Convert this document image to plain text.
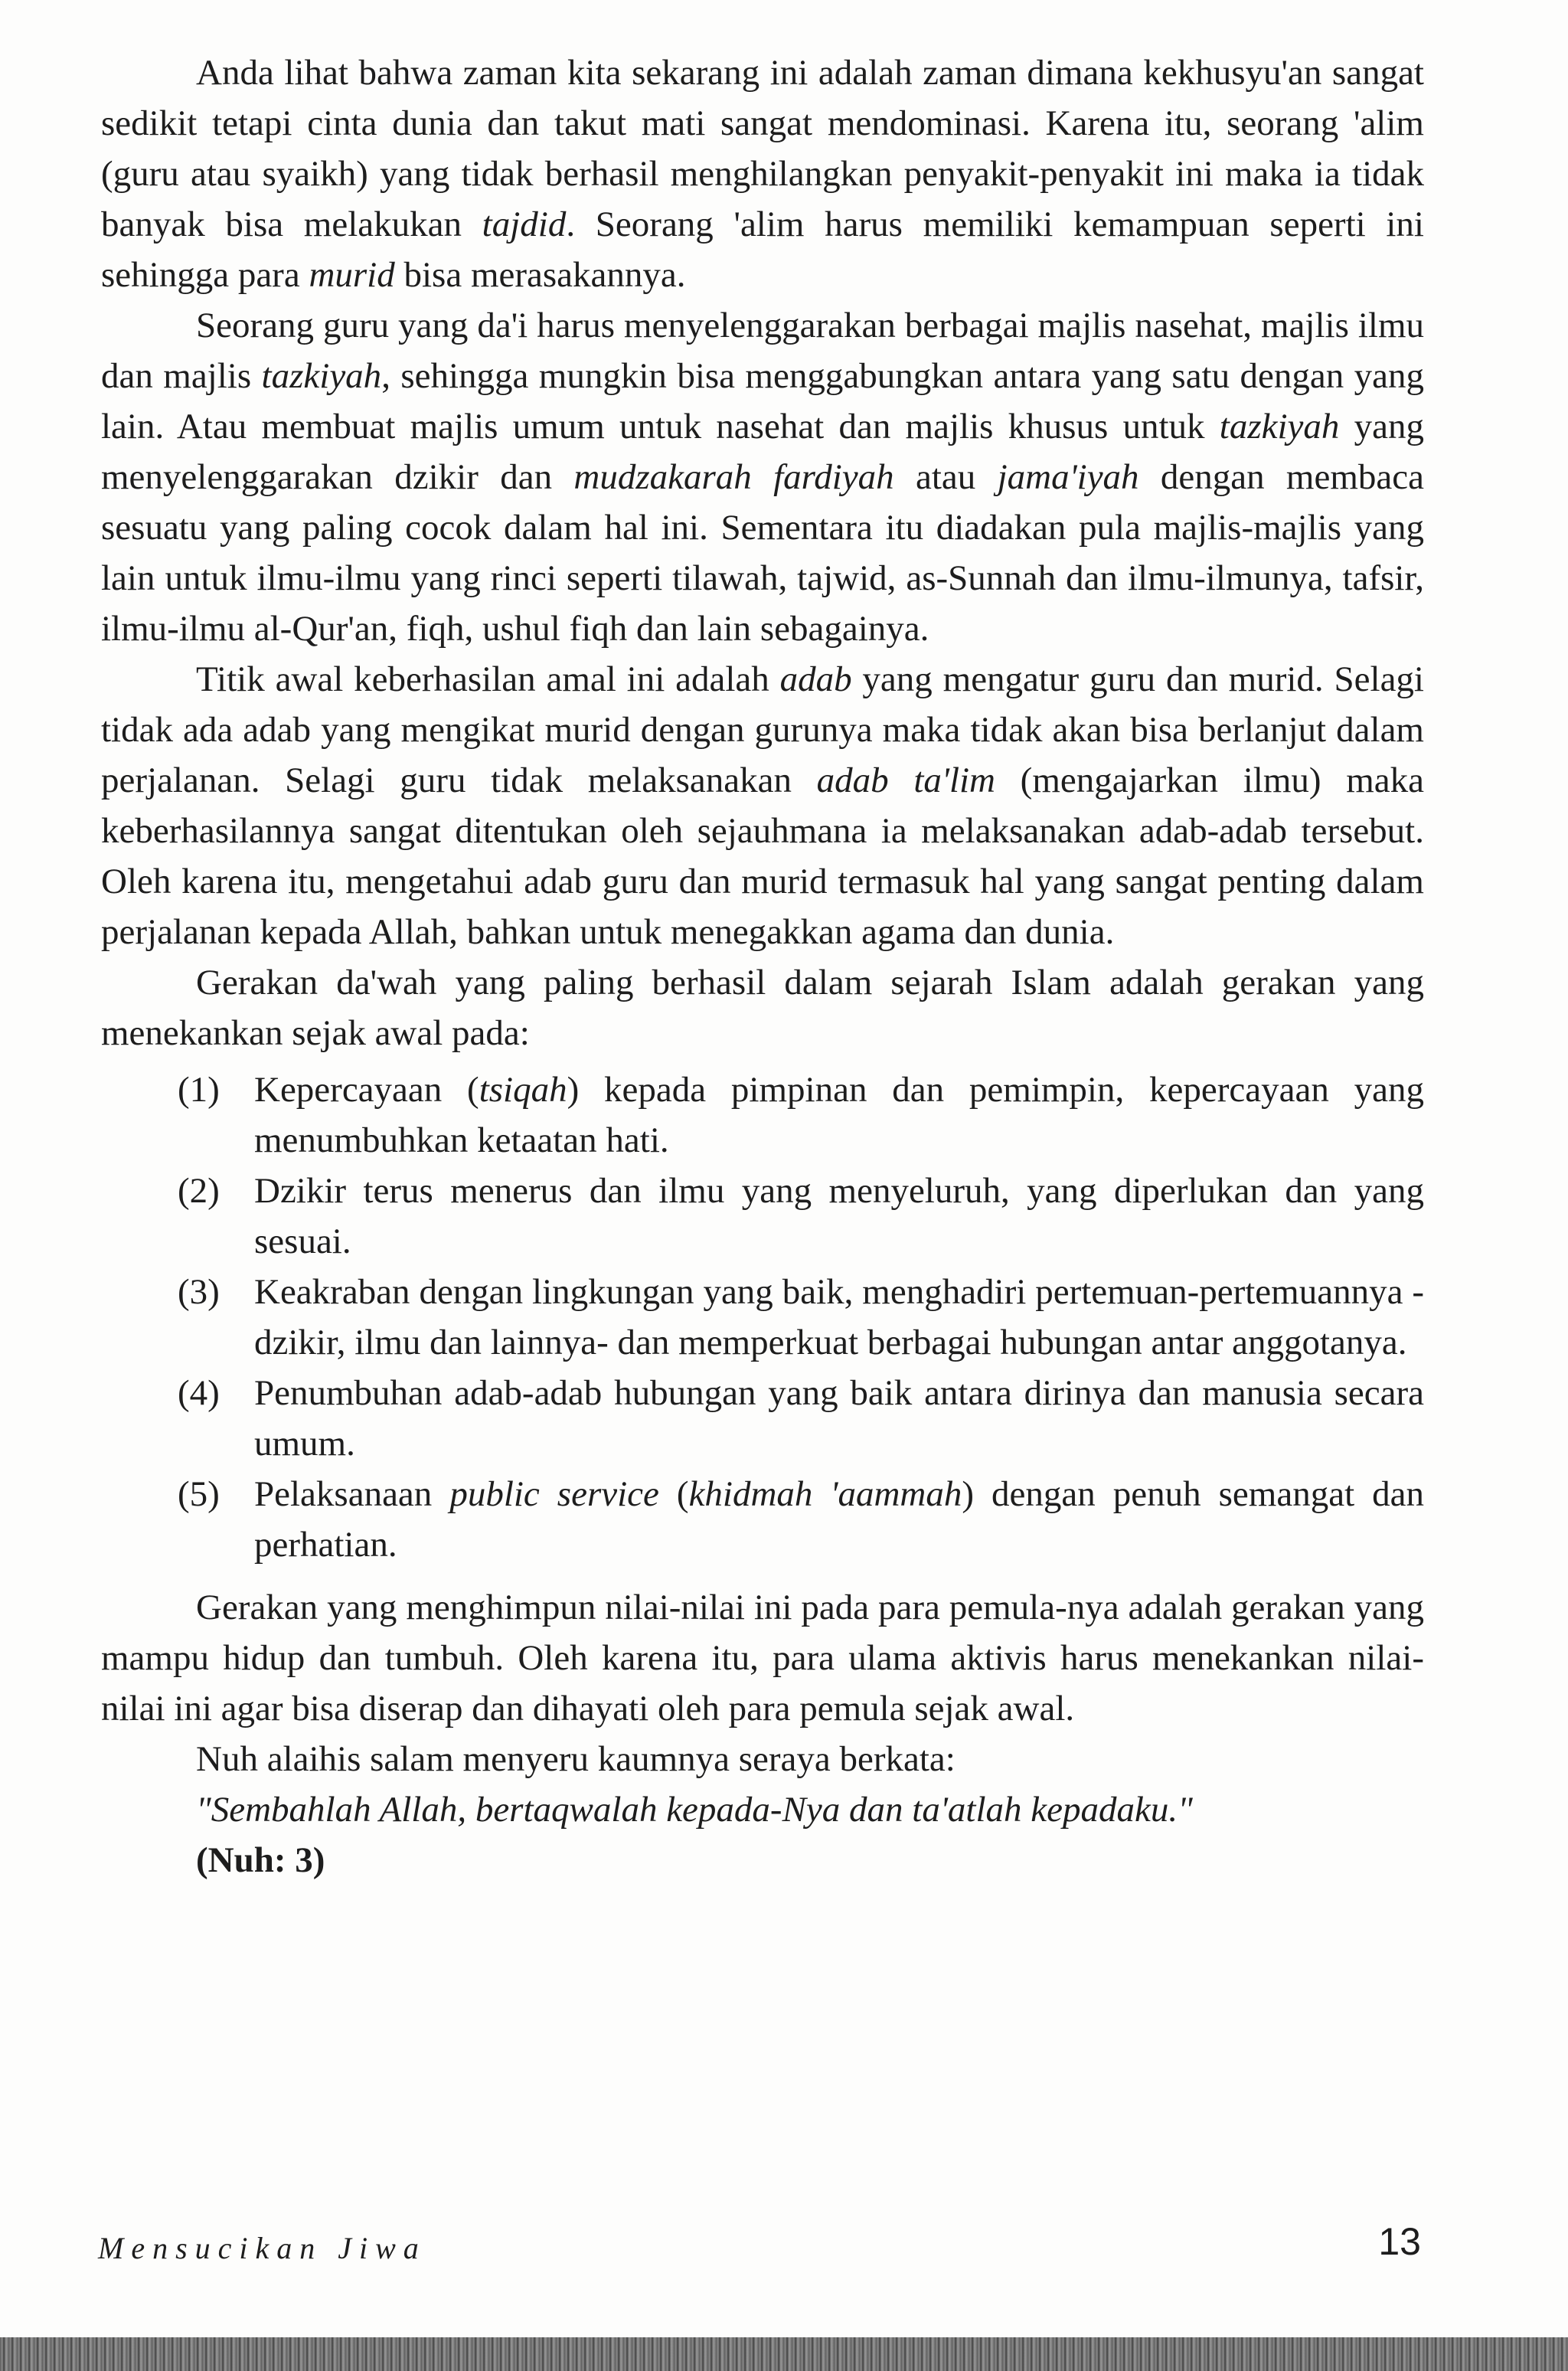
Anda lihat bahwa zaman kita sekarang ini adalah zaman dimana kekhusyu'an sangat sedikit tetapi cinta dunia dan takut mati sangat mendominasi. Karena itu, seorang 'alim (guru atau syaikh) yang tidak berhasil menghilangkan penyakit-penyakit ini maka ia tidak banyak bisa melakukan tajdid. Seorang 'alim harus memiliki kemampuan seperti ini sehingga para murid bisa merasakannya.

Seorang guru yang da'i harus menyelenggarakan berbagai majlis nasehat, majlis ilmu dan majlis tazkiyah, sehingga mungkin bisa menggabungkan antara yang satu dengan yang lain. Atau membuat majlis umum untuk nasehat dan majlis khusus untuk tazkiyah yang menyelenggarakan dzikir dan mudzakarah fardiyah atau jama'iyah dengan membaca sesuatu yang paling cocok dalam hal ini. Sementara itu diadakan pula majlis-majlis yang lain untuk ilmu-ilmu yang rinci seperti tilawah, tajwid, as-Sunnah dan ilmu-ilmunya, tafsir, ilmu-ilmu al-Qur'an, fiqh, ushul fiqh dan lain sebagainya.

Titik awal keberhasilan amal ini adalah adab yang mengatur guru dan murid. Selagi tidak ada adab yang mengikat murid dengan gurunya maka tidak akan bisa berlanjut dalam perjalanan. Selagi guru tidak melaksanakan adab ta'lim (mengajarkan ilmu) maka keberhasilannya sangat ditentukan oleh sejauhmana ia melaksanakan adab-adab tersebut. Oleh karena itu, mengetahui adab guru dan murid termasuk hal yang sangat penting dalam perjalanan kepada Allah, bahkan untuk menegakkan agama dan dunia.

Gerakan da'wah yang paling berhasil dalam sejarah Islam adalah gerakan yang menekankan sejak awal pada:

(1) Kepercayaan (tsiqah) kepada pimpinan dan pemimpin, kepercayaan yang menumbuhkan ketaatan hati.
(2) Dzikir terus menerus dan ilmu yang menyeluruh, yang diperlukan dan yang sesuai.
(3) Keakraban dengan lingkungan yang baik, menghadiri pertemuan-pertemuannya -dzikir, ilmu dan lainnya- dan memperkuat berbagai hubungan antar anggotanya.
(4) Penumbuhan adab-adab hubungan yang baik antara dirinya dan manusia secara umum.
(5) Pelaksanaan public service (khidmah 'aammah) dengan penuh semangat dan perhatian.

Gerakan yang menghimpun nilai-nilai ini pada para pemula-nya adalah gerakan yang mampu hidup dan tumbuh. Oleh karena itu, para ulama aktivis harus menekankan nilai-nilai ini agar bisa diserap dan dihayati oleh para pemula sejak awal.

Nuh alaihis salam menyeru kaumnya seraya berkata:

"Sembahlah Allah, bertaqwalah kepada-Nya dan ta'atlah kepadaku."

(Nuh: 3)

Mensucikan Jiwa	13
